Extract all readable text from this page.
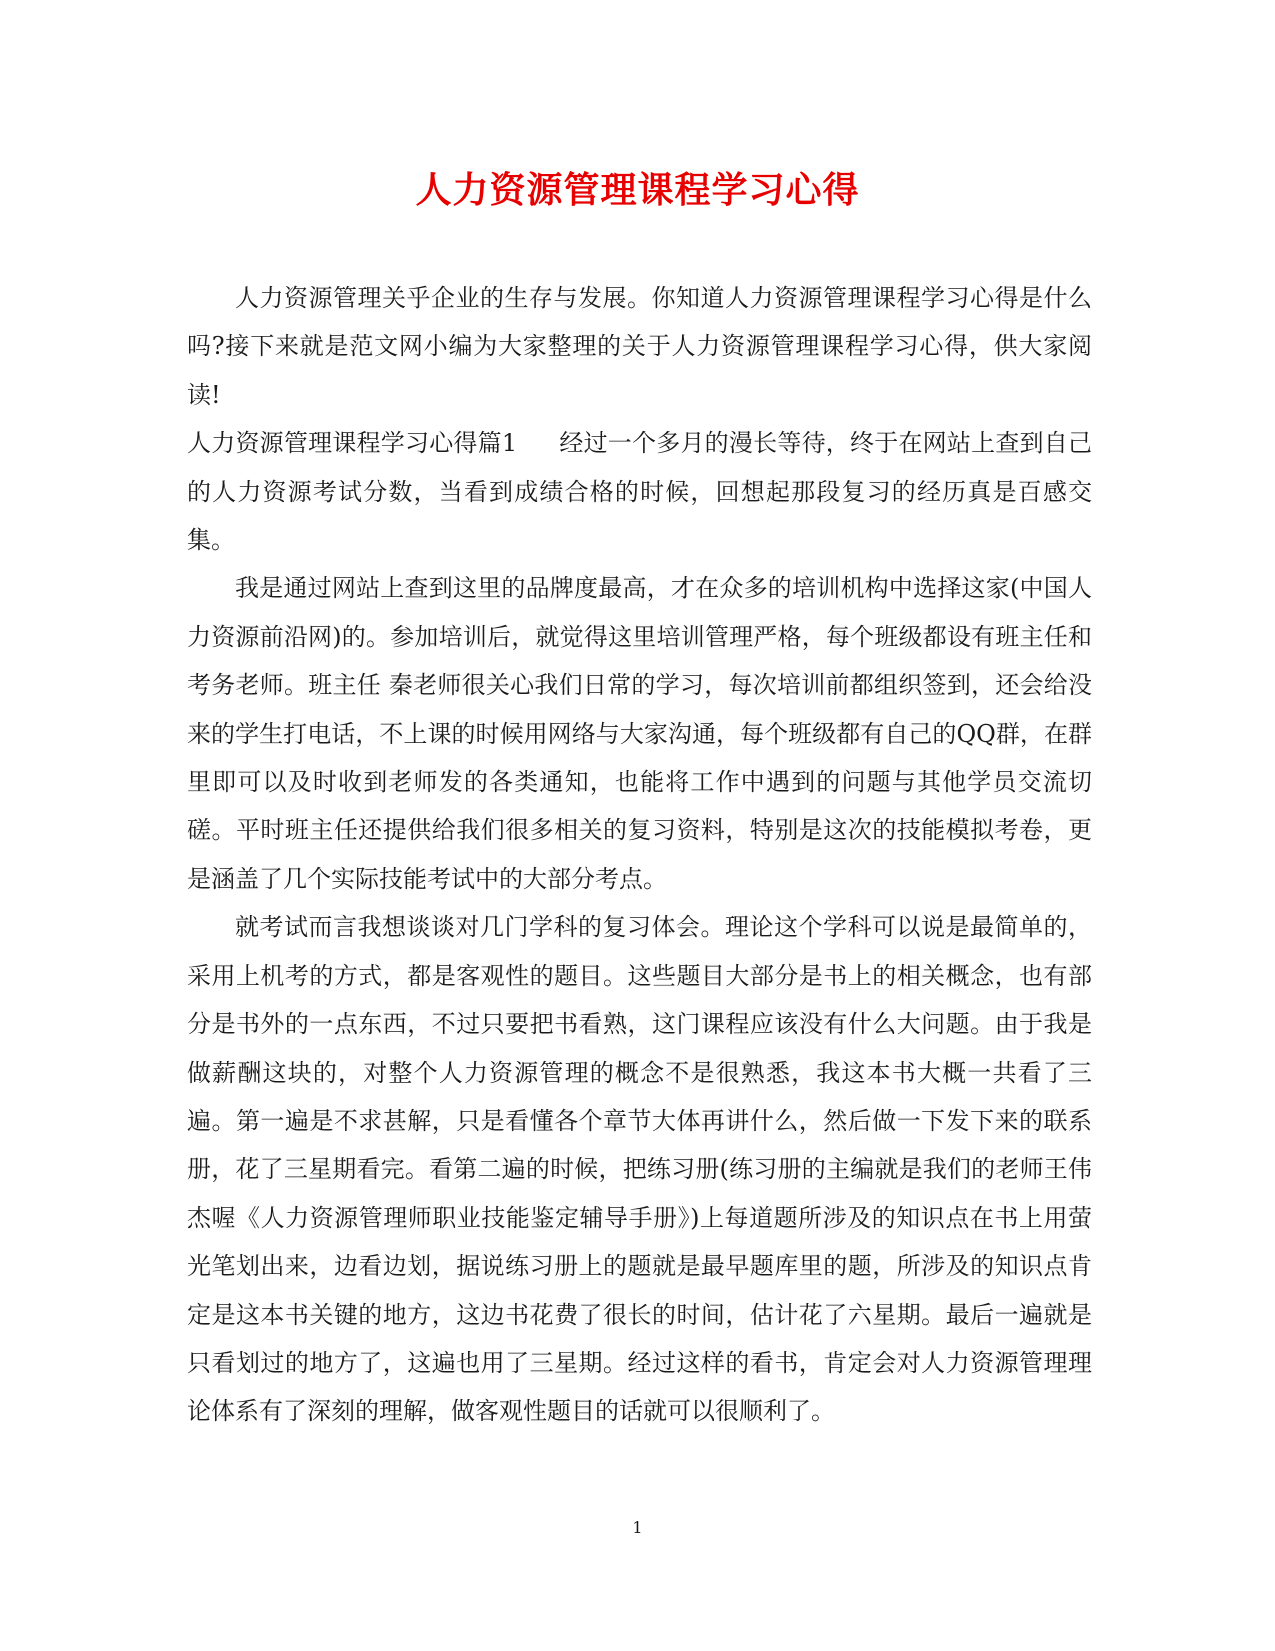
人力资源管理课程学习心得

人力资源管理关乎企业的生存与发展。你知道人力资源管理课程学习心得是什么吗?接下来就是范文网小编为大家整理的关于人力资源管理课程学习心得，供大家阅读!

人力资源管理课程学习心得篇1 经过一个多月的漫长等待，终于在网站上查到自己的人力资源考试分数，当看到成绩合格的时候，回想起那段复习的经历真是百感交集。

我是通过网站上查到这里的品牌度最高，才在众多的培训机构中选择这家(中国人力资源前沿网)的。参加培训后，就觉得这里培训管理严格，每个班级都设有班主任和考务老师。班主任 秦老师很关心我们日常的学习，每次培训前都组织签到，还会给没来的学生打电话，不上课的时候用网络与大家沟通，每个班级都有自己的QQ群，在群里即可以及时收到老师发的各类通知，也能将工作中遇到的问题与其他学员交流切磋。平时班主任还提供给我们很多相关的复习资料，特别是这次的技能模拟考卷，更是涵盖了几个实际技能考试中的大部分考点。

就考试而言我想谈谈对几门学科的复习体会。理论这个学科可以说是最简单的，采用上机考的方式，都是客观性的题目。这些题目大部分是书上的相关概念，也有部分是书外的一点东西，不过只要把书看熟，这门课程应该没有什么大问题。由于我是做薪酬这块的，对整个人力资源管理的概念不是很熟悉，我这本书大概一共看了三遍。第一遍是不求甚解，只是看懂各个章节大体再讲什么，然后做一下发下来的联系册，花了三星期看完。看第二遍的时候，把练习册(练习册的主编就是我们的老师王伟杰喔《人力资源管理师职业技能鉴定辅导手册》)上每道题所涉及的知识点在书上用萤光笔划出来，边看边划，据说练习册上的题就是最早题库里的题，所涉及的知识点肯定是这本书关键的地方，这边书花费了很长的时间，估计花了六星期。最后一遍就是只看划过的地方了，这遍也用了三星期。经过这样的看书，肯定会对人力资源管理理论体系有了深刻的理解，做客观性题目的话就可以很顺利了。

1
